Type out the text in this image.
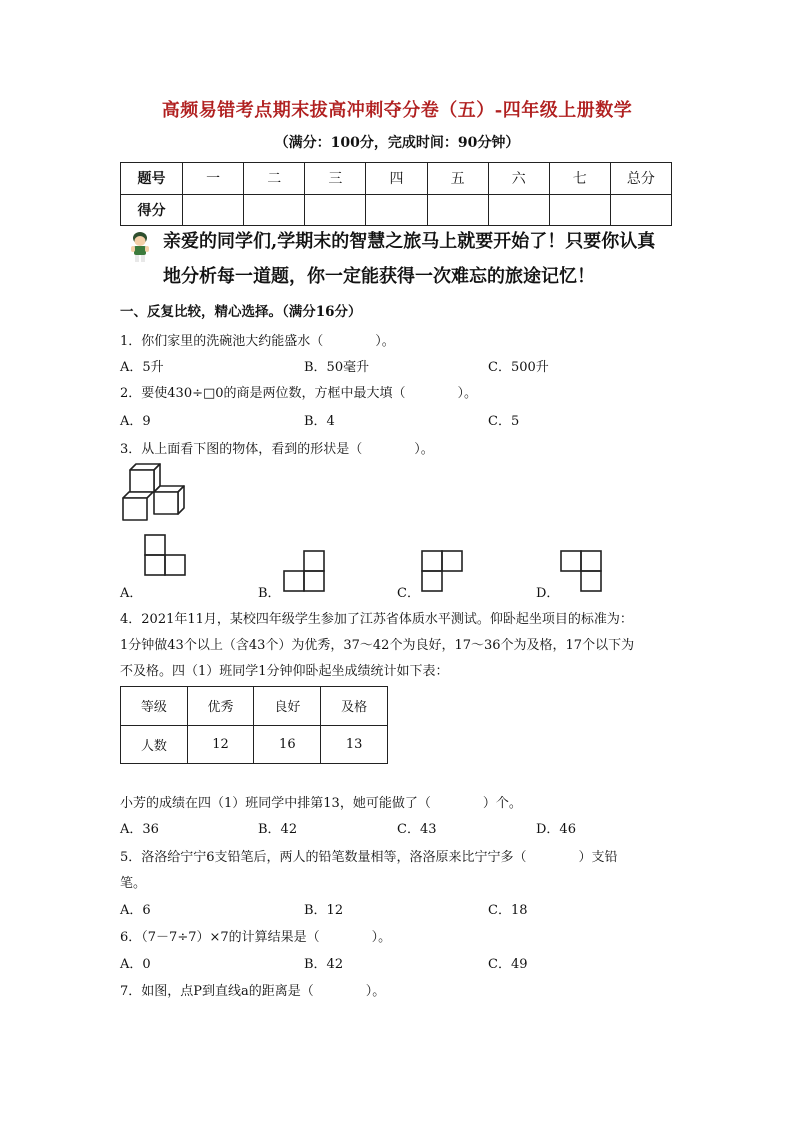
高频易错考点期末拔高冲刺夺分卷（五）-四年级上册数学
（满分：100分，完成时间：90分钟）
题号	一	二	三	四	五	六	七	总分
得分								
亲爱的同学们,学期末的智慧之旅马上就要开始了！只要你认真
地分析每一道题，你一定能获得一次难忘的旅途记忆！
一、反复比较，精心选择。（满分16分）
1．你们家里的洗碗池大约能盛水（　　　　）。
A．5升	B．50毫升	C．500升
2．要使430÷□0的商是两位数，方框中最大填（　　　　）。
A．9	B．4	C．5
3．从上面看下图的物体，看到的形状是（　　　　）。
A．	B．	C．	D．
4．2021年11月，某校四年级学生参加了江苏省体质水平测试。仰卧起坐项目的标准为：
1分钟做43个以上（含43个）为优秀，37～42个为良好，17～36个为及格，17个以下为
不及格。四（1）班同学1分钟仰卧起坐成绩统计如下表：
等级	优秀	良好	及格
人数	12	16	13
小芳的成绩在四（1）班同学中排第13，她可能做了（　　　　）个。
A．36	B．42	C．43	D．46
5．洛洛给宁宁6支铅笔后，两人的铅笔数量相等，洛洛原来比宁宁多（　　　　）支铅
笔。
A．6	B．12	C．18
6．（7－7÷7）×7的计算结果是（　　　　）。
A．0	B．42	C．49
7．如图，点P到直线a的距离是（　　　　）。
